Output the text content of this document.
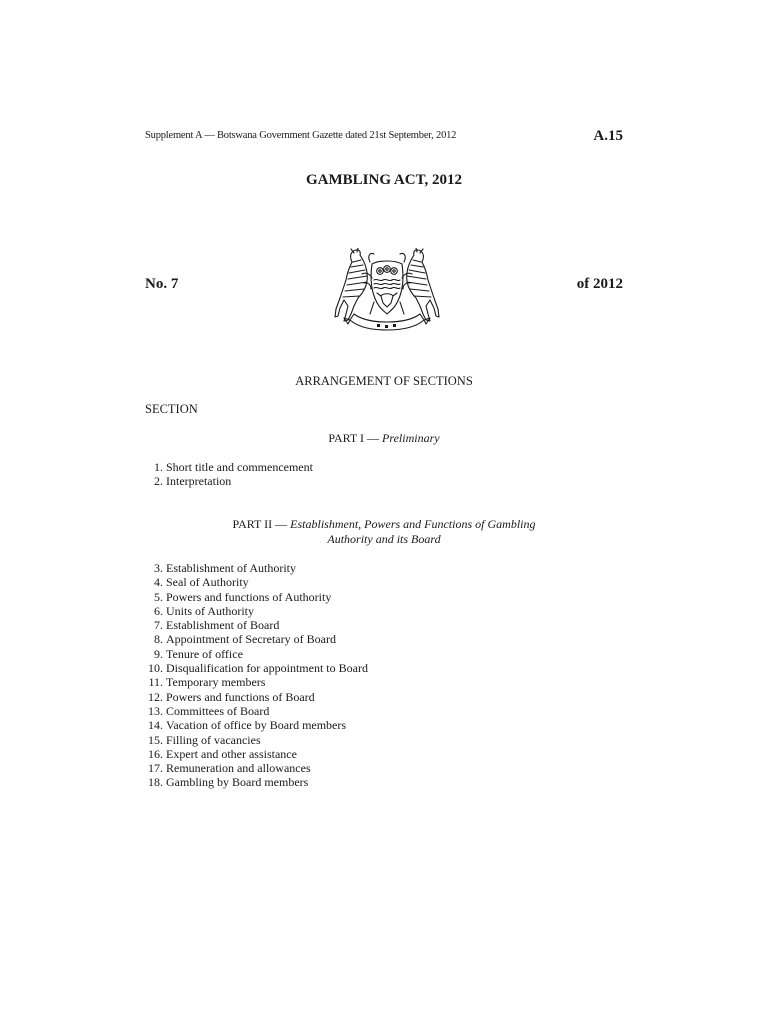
Supplement A — Botswana Government Gazette dated 21st September, 2012	A.15
GAMBLING ACT, 2012
No. 7	of 2012
ARRANGEMENT OF SECTIONS
SECTION
PART I — Preliminary
1. Short title and commencement
2. Interpretation
PART II — Establishment, Powers and Functions of Gambling
Authority and its Board
3. Establishment of Authority
4. Seal of Authority
5. Powers and functions of Authority
6. Units of Authority
7. Establishment of Board
8. Appointment of Secretary of Board
9. Tenure of office
10. Disqualification for appointment to Board
11. Temporary members
12. Powers and functions of Board
13. Committees of Board
14. Vacation of office by Board members
15. Filling of vacancies
16. Expert and other assistance
17. Remuneration and allowances
18. Gambling by Board members
